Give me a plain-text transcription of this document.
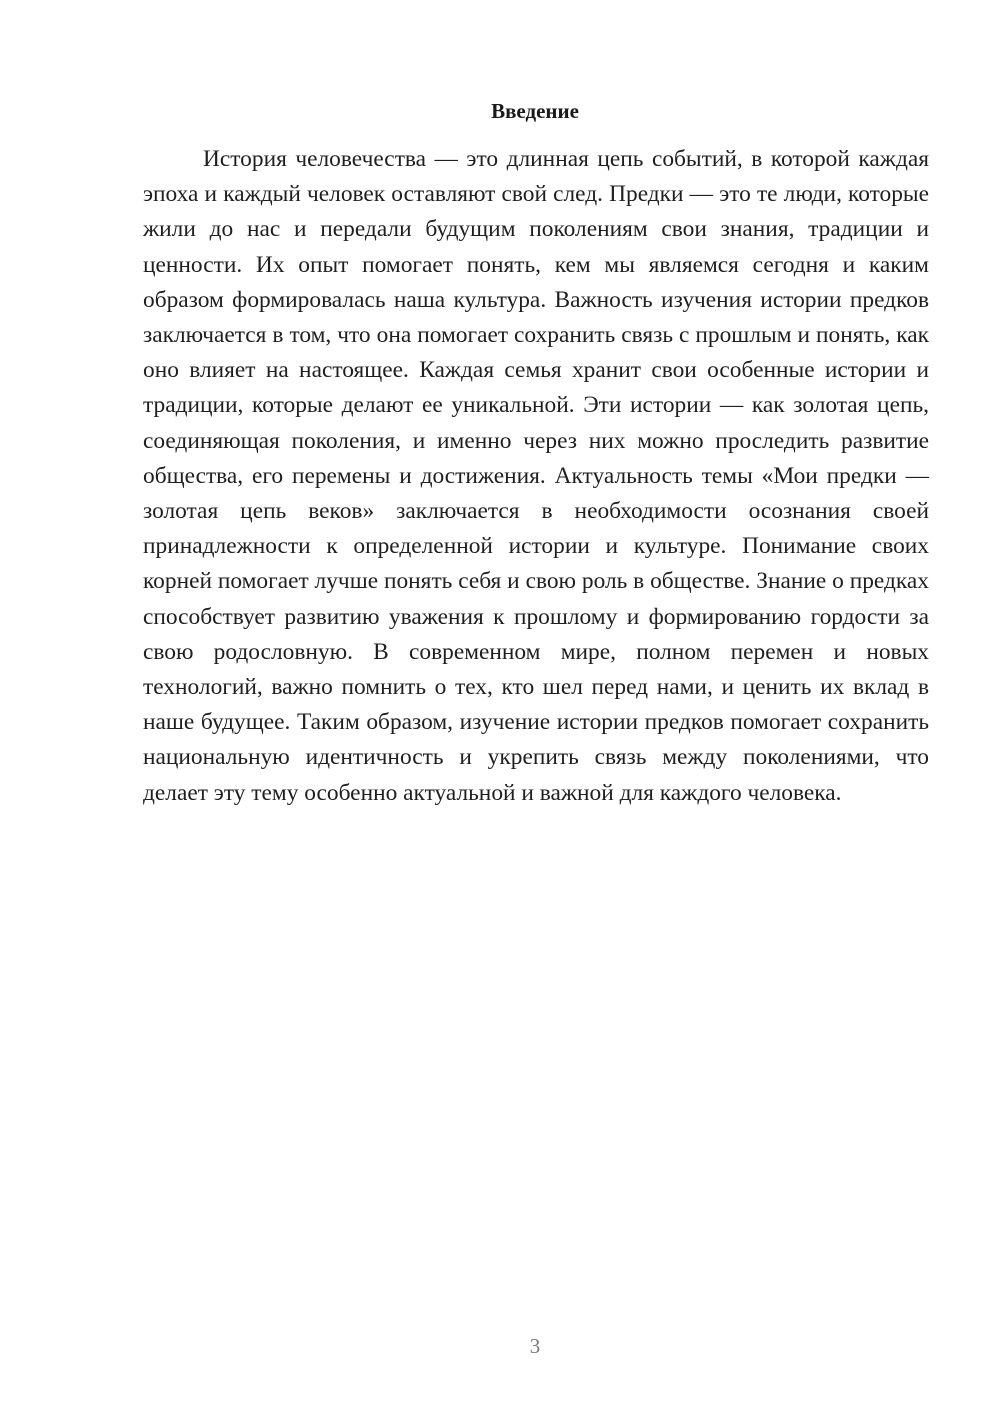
Введение

История человечества — это длинная цепь событий, в которой каждая эпоха и каждый человек оставляют свой след. Предки — это те люди, которые жили до нас и передали будущим поколениям свои знания, традиции и ценности. Их опыт помогает понять, кем мы являемся сегодня и каким образом формировалась наша культура. Важность изучения истории предков заключается в том, что она помогает сохранить связь с прошлым и понять, как оно влияет на настоящее. Каждая семья хранит свои особенные истории и традиции, которые делают ее уникальной. Эти истории — как золотая цепь, соединяющая поколения, и именно через них можно проследить развитие общества, его перемены и достижения. Актуальность темы «Мои предки — золотая цепь веков» заключается в необходимости осознания своей принадлежности к определенной истории и культуре. Понимание своих корней помогает лучше понять себя и свою роль в обществе. Знание о предках способствует развитию уважения к прошлому и формированию гордости за свою родословную. В современном мире, полном перемен и новых технологий, важно помнить о тех, кто шел перед нами, и ценить их вклад в наше будущее. Таким образом, изучение истории предков помогает сохранить национальную идентичность и укрепить связь между поколениями, что делает эту тему особенно актуальной и важной для каждого человека.

3
